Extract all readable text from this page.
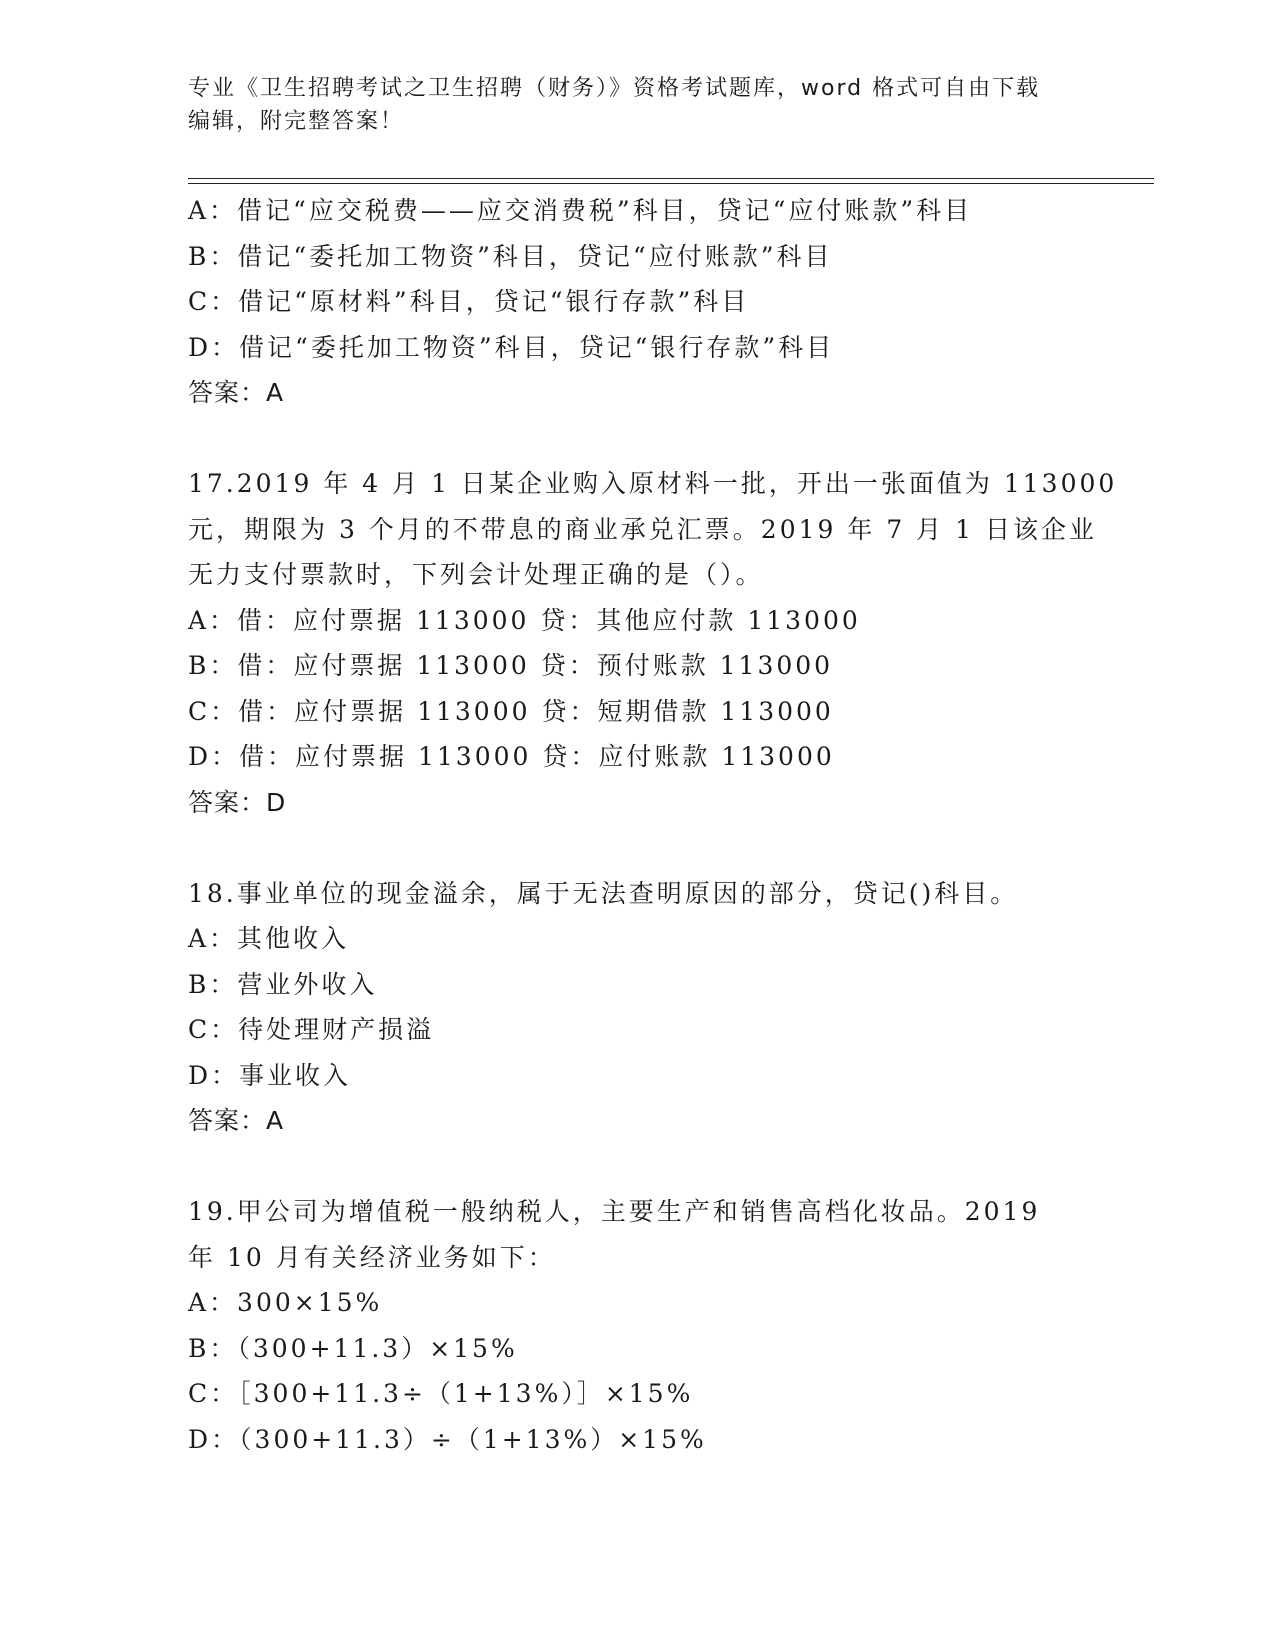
专业《卫生招聘考试之卫生招聘（财务）》资格考试题库，word 格式可自由下载
编辑，附完整答案！
A：借记“应交税费——应交消费税”科目，贷记“应付账款”科目
B：借记“委托加工物资”科目，贷记“应付账款”科目
C：借记“原材料”科目，贷记“银行存款”科目
D：借记“委托加工物资”科目，贷记“银行存款”科目
答案：A
17.2019 年 4 月 1 日某企业购入原材料一批，开出一张面值为 113000
元，期限为 3 个月的不带息的商业承兑汇票。2019 年 7 月 1 日该企业
无力支付票款时，下列会计处理正确的是（）。
A：借：应付票据 113000 贷：其他应付款 113000
B：借：应付票据 113000 贷：预付账款 113000
C：借：应付票据 113000 贷：短期借款 113000
D：借：应付票据 113000 贷：应付账款 113000
答案：D
18.事业单位的现金溢余，属于无法查明原因的部分，贷记()科目。
A：其他收入
B：营业外收入
C：待处理财产损溢
D：事业收入
答案：A
19.甲公司为增值税一般纳税人，主要生产和销售高档化妆品。2019
年 10 月有关经济业务如下：
A：300×15%
B：（300+11.3）×15%
C：［300+11.3÷（1+13%）］×15%
D：（300+11.3）÷（1+13%）×15%
